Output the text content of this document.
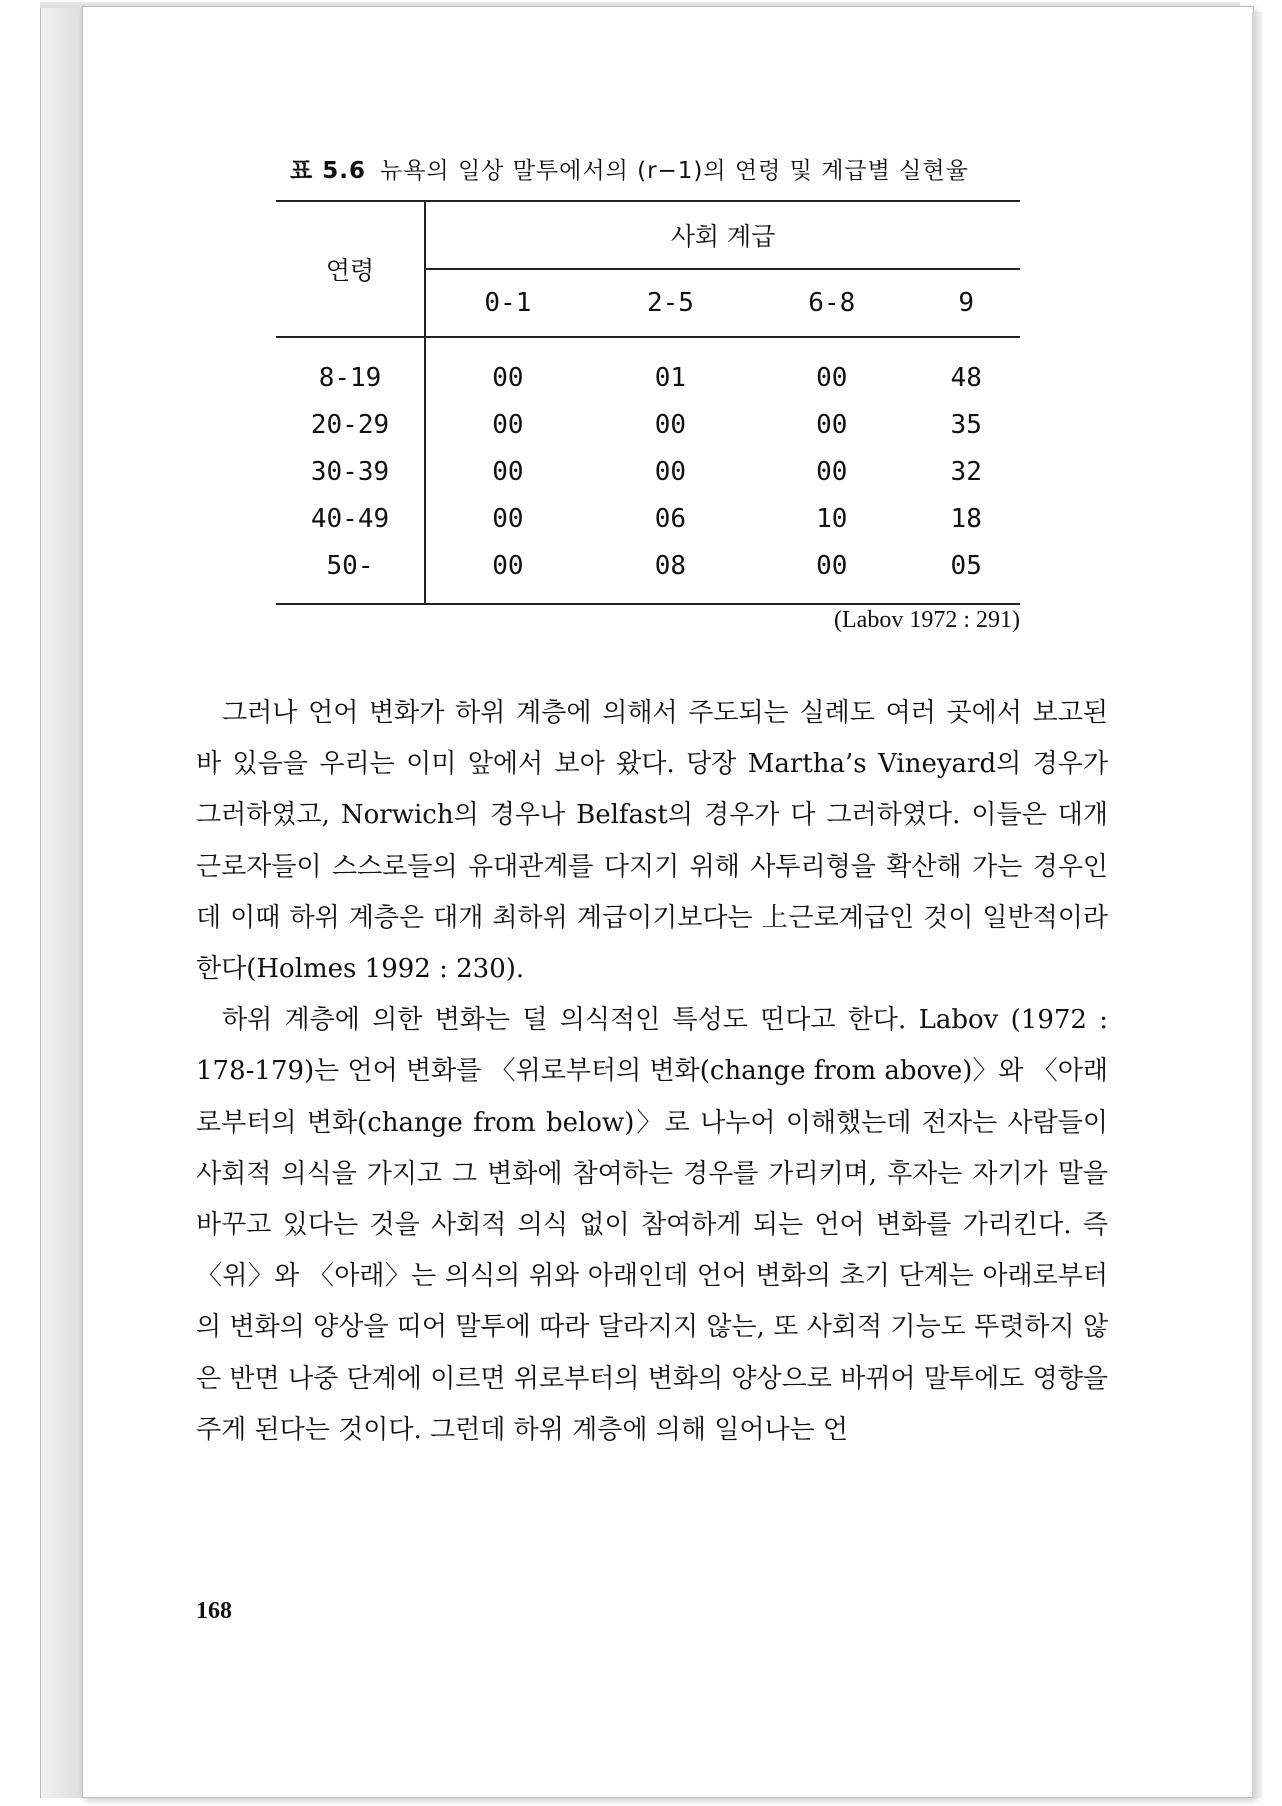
표 5.6 뉴욕의 일상 말투에서의 (r−1)의 연령 및 계급별 실현율
연령	사회 계급			
	0-1	2-5	6-8	9
8-19	00	01	00	48
20-29	00	00	00	35
30-39	00	00	00	32
40-49	00	06	10	18
50-	00	08	00	05
(Labov 1972 : 291)

그러나 언어 변화가 하위 계층에 의해서 주도되는 실례도 여러 곳에서 보고된 바 있음을 우리는 이미 앞에서 보아 왔다. 당장 Martha’s Vineyard의 경우가 그러하였고, Norwich의 경우나 Belfast의 경우가 다 그러하였다. 이들은 대개 근로자들이 스스로들의 유대관계를 다지기 위해 사투리형을 확산해 가는 경우인데 이때 하위 계층은 대개 최하위 계급이기보다는 上근로계급인 것이 일반적이라 한다(Holmes 1992 : 230).

하위 계층에 의한 변화는 덜 의식적인 특성도 띤다고 한다. Labov (1972 : 178-179)는 언어 변화를 〈위로부터의 변화(change from above)〉와 〈아래로부터의 변화(change from below)〉로 나누어 이해했는데 전자는 사람들이 사회적 의식을 가지고 그 변화에 참여하는 경우를 가리키며, 후자는 자기가 말을 바꾸고 있다는 것을 사회적 의식 없이 참여하게 되는 언어 변화를 가리킨다. 즉 〈위〉와 〈아래〉는 의식의 위와 아래인데 언어 변화의 초기 단계는 아래로부터의 변화의 양상을 띠어 말투에 따라 달라지지 않는, 또 사회적 기능도 뚜렷하지 않은 반면 나중 단계에 이르면 위로부터의 변화의 양상으로 바뀌어 말투에도 영향을 주게 된다는 것이다. 그런데 하위 계층에 의해 일어나는 언

168
